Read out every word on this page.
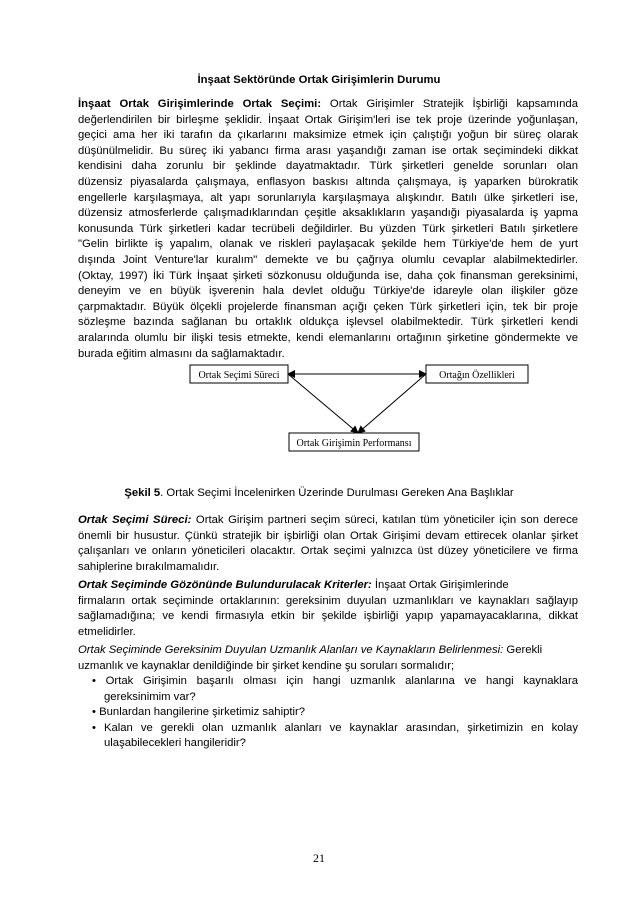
İnşaat Sektöründe Ortak Girişimlerin Durumu
İnşaat Ortak Girişimlerinde Ortak Seçimi: Ortak Girişimler Stratejik İşbirliği kapsamında
değerlendirilen bir birleşme şeklidir. İnşaat Ortak Girişim'leri ise tek proje üzerinde yoğunlaşan,
geçici ama her iki tarafın da çıkarlarını maksimize etmek için çalıştığı yoğun bir süreç olarak
düşünülmelidir. Bu süreç iki yabancı firma arası yaşandığı zaman ise ortak seçimindeki dikkat
kendisini daha zorunlu bir şeklinde dayatmaktadır. Türk şirketleri genelde sorunları olan
düzensiz piyasalarda çalışmaya, enflasyon baskısı altında çalışmaya, iş yaparken bürokratik
engellerle karşılaşmaya, alt yapı sorunlarıyla karşılaşmaya alışkındır. Batılı ülke şirketleri ise,
düzensiz atmosferlerde çalışmadıklarından çeşitle aksaklıkların yaşandığı piyasalarda iş yapma
konusunda Türk şirketleri kadar tecrübeli değildirler. Bu yüzden Türk şirketleri Batılı şirketlere
"Gelin birlikte iş yapalım, olanak ve riskleri paylaşacak şekilde hem Türkiye'de hem de yurt
dışında Joint Venture'lar kuralım" demekte ve bu çağrıya olumlu cevaplar alabilmektedirler.
(Oktay, 1997) İki Türk İnşaat şirketi sözkonusu olduğunda ise, daha çok finansman gereksinimi,
deneyim ve en büyük işverenin hala devlet olduğu Türkiye'de idareyle olan ilişkiler göze
çarpmaktadır. Büyük ölçekli projelerde finansman açığı çeken Türk şirketleri için, tek bir proje
sözleşme bazında sağlanan bu ortaklık oldukça işlevsel olabilmektedir. Türk şirketleri kendi
aralarında olumlu bir ilişki tesis etmekte, kendi elemanlarını ortağının şirketine göndermekte ve
burada eğitim almasını da sağlamaktadır.
Ortak Seçimi Süreci	Ortağın Özellikleri
Ortak Girişimin Performansı
Şekil 5. Ortak Seçimi İncelenirken Üzerinde Durulması Gereken Ana Başlıklar
Ortak Seçimi Süreci: Ortak Girişim partneri seçim süreci, katılan tüm yöneticiler için son derece
önemli bir husustur. Çünkü stratejik bir işbirliği olan Ortak Girişimi devam ettirecek olanlar şirket
çalışanları ve onların yöneticileri olacaktır. Ortak seçimi yalnızca üst düzey yöneticilere ve firma
sahiplerine bırakılmamalıdır.
Ortak Seçiminde Gözönünde Bulundurulacak Kriterler: İnşaat Ortak Girişimlerinde
firmaların ortak seçiminde ortaklarının: gereksinim duyulan uzmanlıkları ve kaynakları sağlayıp
sağlamadığına; ve kendi firmasıyla etkin bir şekilde işbirliği yapıp yapamayacaklarına, dikkat
etmelidirler.
Ortak Seçiminde Gereksinim Duyulan Uzmanlık Alanları ve Kaynakların Belirlenmesi: Gerekli
uzmanlık ve kaynaklar denildiğinde bir şirket kendine şu soruları sormalıdır;
• Ortak Girişimin başarılı olması için hangi uzmanlık alanlarına ve hangi kaynaklara
gereksinimim var?
• Bunlardan hangilerine şirketimiz sahiptir?
• Kalan ve gerekli olan uzmanlık alanları ve kaynaklar arasından, şirketimizin en kolay
ulaşabilecekleri hangileridir?
21
